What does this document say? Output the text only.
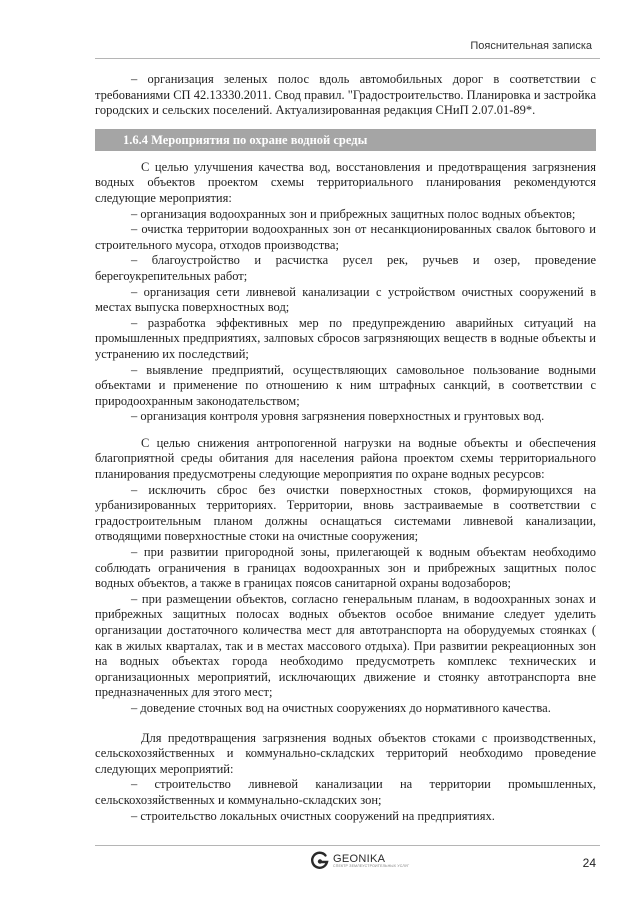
Пояснительная записка

– организация зеленых полос вдоль автомобильных дорог в соответствии с требованиями СП 42.13330.2011. Свод правил. "Градостроительство. Планировка и застройка городских и сельских поселений. Актуализированная редакция СНиП 2.07.01-89*.

1.6.4 Мероприятия по охране водной среды

С целью улучшения качества вод, восстановления и предотвращения загрязнения водных объектов проектом схемы территориального планирования рекомендуются следующие мероприятия:

– организация водоохранных зон и прибрежных защитных полос водных объектов;

– очистка территории водоохранных зон от несанкционированных свалок бытового и строительного мусора, отходов производства;

– благоустройство и расчистка русел рек, ручьев и озер, проведение берегоукрепительных работ;

– организация сети ливневой канализации с устройством очистных сооружений в местах выпуска поверхностных вод;

– разработка эффективных мер по предупреждению аварийных ситуаций на промышленных предприятиях, залповых сбросов загрязняющих веществ в водные объекты и устранению их последствий;

– выявление предприятий, осуществляющих самовольное пользование водными объектами и применение по отношению к ним штрафных санкций, в соответствии с природоохранным законодательством;

– организация контроля уровня загрязнения поверхностных и грунтовых вод.

С целью снижения антропогенной нагрузки на водные объекты и обеспечения благоприятной среды обитания для населения района проектом схемы территориального планирования предусмотрены следующие мероприятия по охране водных ресурсов:

– исключить сброс без очистки поверхностных стоков, формирующихся на урбанизированных территориях. Территории, вновь застраиваемые в соответствии с градостроительным планом должны оснащаться системами ливневой канализации, отводящими поверхностные стоки на очистные сооружения;

– при развитии пригородной зоны, прилегающей к водным объектам необходимо соблюдать ограничения в границах водоохранных зон и прибрежных защитных полос водных объектов, а также в границах поясов санитарной охраны водозаборов;

– при размещении объектов, согласно генеральным планам, в водоохранных зонах и прибрежных защитных полосах водных объектов особое внимание следует уделить организации достаточного количества мест для автотранспорта на оборудуемых стоянках ( как в жилых кварталах, так и в местах массового отдыха). При развитии рекреационных зон на водных объектах города необходимо предусмотреть комплекс технических и организационных мероприятий, исключающих движение и стоянку автотранспорта вне предназначенных для этого мест;

– доведение сточных вод на очистных сооружениях до нормативного качества.

Для предотвращения загрязнения водных объектов стоками с производственных, сельскохозяйственных и коммунально-складских территорий необходимо проведение следующих мероприятий:

– строительство ливневой канализации на территории промышленных, сельскохозяйственных и коммунально-складских зон;

– строительство локальных очистных сооружений на предприятиях.

GEONIKA
СПЕКТР ЗЕМЛЕУСТРОИТЕЛЬНЫХ УСЛУГ	24
